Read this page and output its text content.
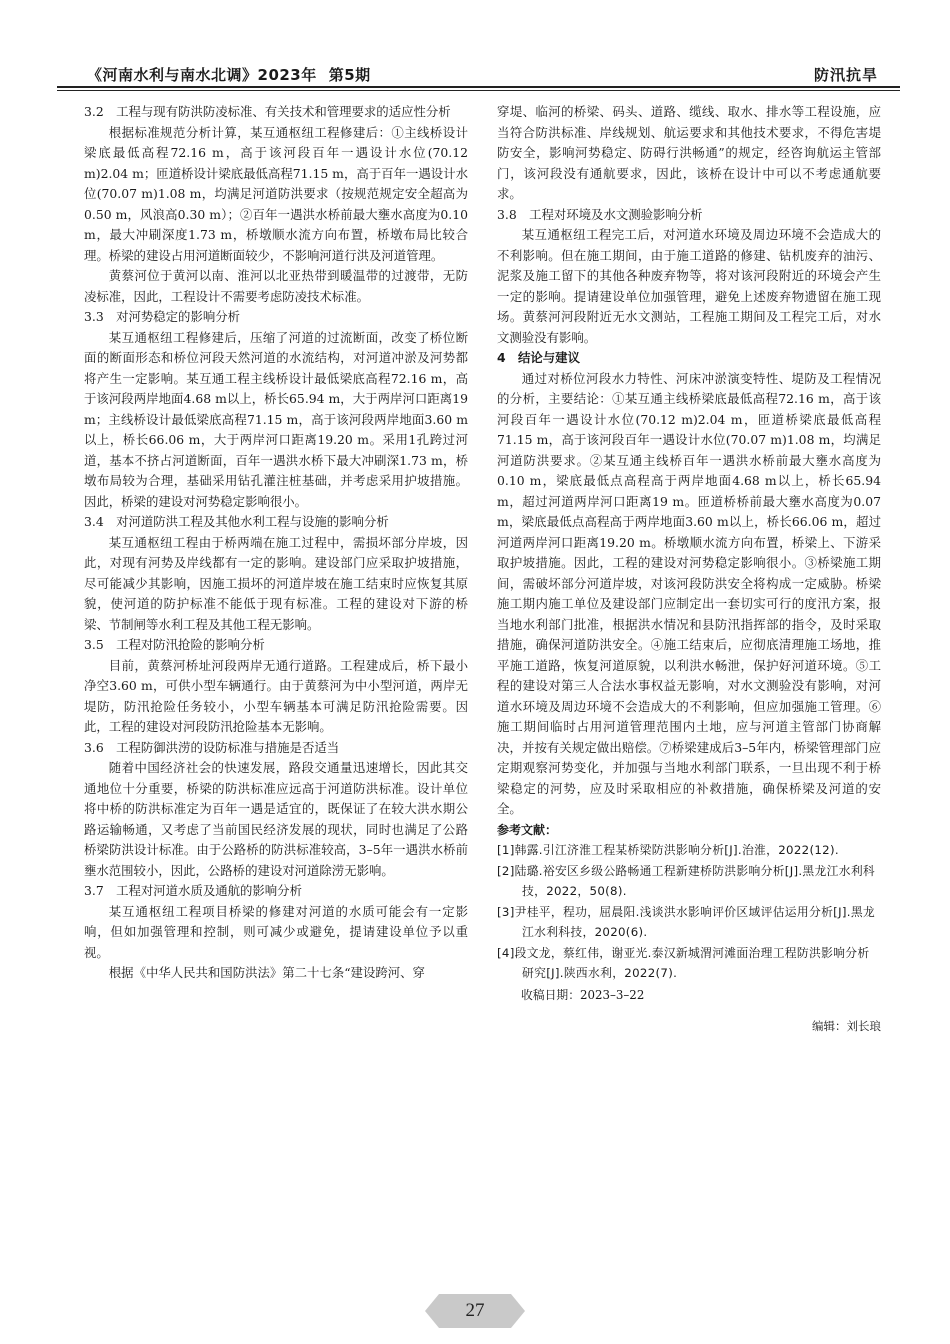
《河南水利与南水北调》2023年 第5期	防汛抗旱

3.2　工程与现有防洪防凌标准、有关技术和管理要求的适应性分析

根据标准规范分析计算，某互通枢纽工程修建后：①主线桥设计梁底最低高程72.16 m，高于该河段百年一遇设计水位(70.12 m)2.04 m；匝道桥设计梁底最低高程71.15 m，高于百年一遇设计水位(70.07 m)1.08 m，均满足河道防洪要求（按规范规定安全超高为0.50 m，风浪高0.30 m）；②百年一遇洪水桥前最大壅水高度为0.10 m，最大冲刷深度1.73 m，桥墩顺水流方向布置，桥墩布局比较合理。桥梁的建设占用河道断面较少，不影响河道行洪及河道管理。

黄蔡河位于黄河以南、淮河以北亚热带到暖温带的过渡带，无防凌标准，因此，工程设计不需要考虑防凌技术标准。

3.3　对河势稳定的影响分析

某互通枢纽工程修建后，压缩了河道的过流断面，改变了桥位断面的断面形态和桥位河段天然河道的水流结构，对河道冲淤及河势都将产生一定影响。某互通工程主线桥设计最低梁底高程72.16 m，高于该河段两岸地面4.68 m以上，桥长65.94 m，大于两岸河口距离19 m；主线桥设计最低梁底高程71.15 m，高于该河段两岸地面3.60 m以上，桥长66.06 m，大于两岸河口距离19.20 m。采用1孔跨过河道，基本不挤占河道断面，百年一遇洪水桥下最大冲刷深1.73 m，桥墩布局较为合理，基础采用钻孔灌注桩基础，并考虑采用护坡措施。因此，桥梁的建设对河势稳定影响很小。

3.4　对河道防洪工程及其他水利工程与设施的影响分析

某互通枢纽工程由于桥两端在施工过程中，需损坏部分岸坡，因此，对现有河势及岸线都有一定的影响。建设部门应采取护坡措施，尽可能减少其影响，因施工损坏的河道岸坡在施工结束时应恢复其原貌，使河道的防护标准不能低于现有标准。工程的建设对下游的桥梁、节制闸等水利工程及其他工程无影响。

3.5　工程对防汛抢险的影响分析

目前，黄蔡河桥址河段两岸无通行道路。工程建成后，桥下最小净空3.60 m，可供小型车辆通行。由于黄蔡河为中小型河道，两岸无堤防，防汛抢险任务较小，小型车辆基本可满足防汛抢险需要。因此，工程的建设对河段防汛抢险基本无影响。

3.6　工程防御洪涝的设防标准与措施是否适当

随着中国经济社会的快速发展，路段交通量迅速增长，因此其交通地位十分重要，桥梁的防洪标准应远高于河道防洪标准。设计单位将中桥的防洪标准定为百年一遇是适宜的，既保证了在较大洪水期公路运输畅通，又考虑了当前国民经济发展的现状，同时也满足了公路桥梁防洪设计标准。由于公路桥的防洪标准较高，3–5年一遇洪水桥前壅水范围较小，因此，公路桥的建设对河道除涝无影响。

3.7　工程对河道水质及通航的影响分析

某互通枢纽工程项目桥梁的修建对河道的水质可能会有一定影响，但如加强管理和控制，则可减少或避免，提请建设单位予以重视。

根据《中华人民共和国防洪法》第二十七条“建设跨河、穿

穿堤、临河的桥梁、码头、道路、缆线、取水、排水等工程设施，应当符合防洪标准、岸线规划、航运要求和其他技术要求，不得危害堤防安全，影响河势稳定、防碍行洪畅通”的规定，经咨询航运主管部门，该河段没有通航要求，因此，该桥在设计中可以不考虑通航要求。

3.8　工程对环境及水文测验影响分析

某互通枢纽工程完工后，对河道水环境及周边环境不会造成大的不利影响。但在施工期间，由于施工道路的修建、钻机废弃的油污、泥浆及施工留下的其他各种废弃物等，将对该河段附近的环境会产生一定的影响。提请建设单位加强管理，避免上述废弃物遗留在施工现场。黄蔡河河段附近无水文测站，工程施工期间及工程完工后，对水文测验没有影响。

4　结论与建议

通过对桥位河段水力特性、河床冲淤演变特性、堤防及工程情况的分析，主要结论：①某互通主线桥梁底最低高程72.16 m，高于该河段百年一遇设计水位(70.12 m)2.04 m，匝道桥梁底最低高程71.15 m，高于该河段百年一遇设计水位(70.07 m)1.08 m，均满足河道防洪要求。②某互通主线桥百年一遇洪水桥前最大壅水高度为0.10 m，梁底最低点高程高于两岸地面4.68 m以上，桥长65.94 m，超过河道两岸河口距离19 m。匝道桥桥前最大壅水高度为0.07 m，梁底最低点高程高于两岸地面3.60 m以上，桥长66.06 m，超过河道两岸河口距离19.20 m。桥墩顺水流方向布置，桥梁上、下游采取护坡措施。因此，工程的建设对河势稳定影响很小。③桥梁施工期间，需破坏部分河道岸坡，对该河段防洪安全将构成一定威胁。桥梁施工期内施工单位及建设部门应制定出一套切实可行的度汛方案，报当地水利部门批准，根据洪水情况和县防汛指挥部的指令，及时采取措施，确保河道防洪安全。④施工结束后，应彻底清理施工场地，推平施工道路，恢复河道原貌，以利洪水畅泄，保护好河道环境。⑤工程的建设对第三人合法水事权益无影响，对水文测验没有影响，对河道水环境及周边环境不会造成大的不利影响，但应加强施工管理。⑥施工期间临时占用河道管理范围内土地，应与河道主管部门协商解决，并按有关规定做出赔偿。⑦桥梁建成后3–5年内，桥梁管理部门应定期观察河势变化，并加强与当地水利部门联系，一旦出现不利于桥梁稳定的河势，应及时采取相应的补救措施，确保桥梁及河道的安全。

参考文献：

[1]韩露.引江济淮工程某桥梁防洪影响分析[J].治淮，2022(12).

[2]陆璐.裕安区乡级公路畅通工程新建桥防洪影响分析[J].黑龙江水利科技，2022，50(8).

[3]尹桂平，程功，屈晨阳.浅谈洪水影响评价区域评估运用分析[J].黑龙江水利科技，2020(6).

[4]段文龙，蔡红伟，谢亚光.泰汉新城渭河滩面治理工程防洪影响分析研究[J].陕西水利，2022(7).

收稿日期：2023–3–22

编辑：刘长琅

27
